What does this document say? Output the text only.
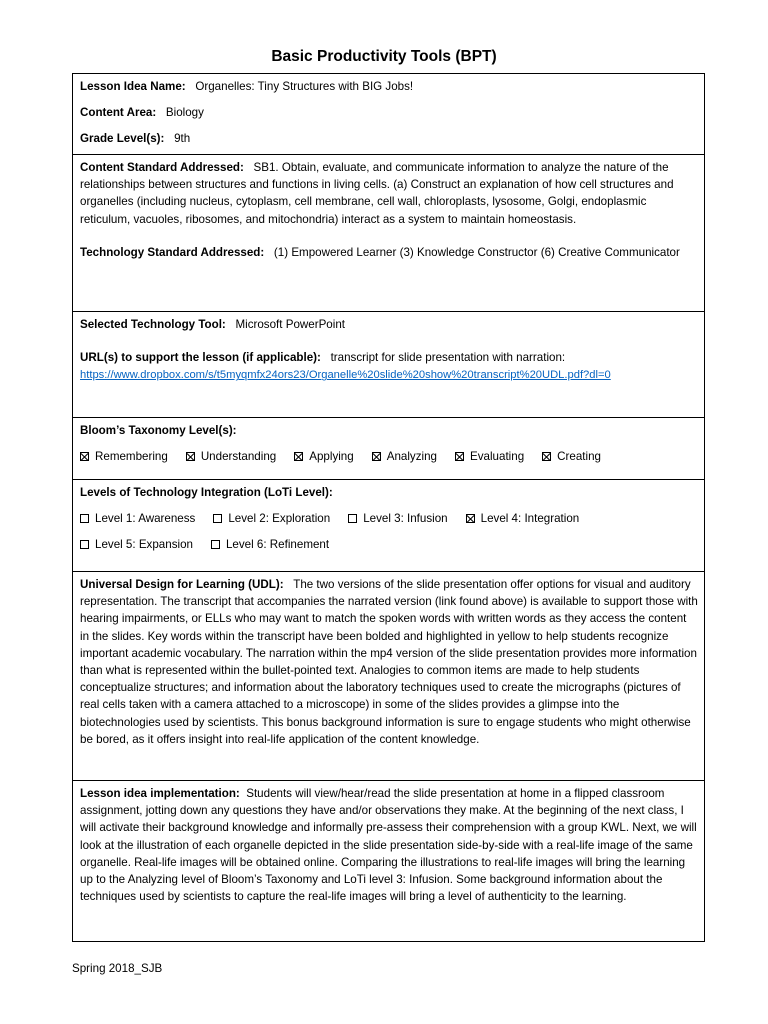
Basic Productivity Tools (BPT)

Lesson Idea Name: Organelles: Tiny Structures with BIG Jobs!

Content Area: Biology

Grade Level(s): 9th

Content Standard Addressed: SB1. Obtain, evaluate, and communicate information to analyze the nature of the relationships between structures and functions in living cells. (a) Construct an explanation of how cell structures and organelles (including nucleus, cytoplasm, cell membrane, cell wall, chloroplasts, lysosome, Golgi, endoplasmic reticulum, vacuoles, ribosomes, and mitochondria) interact as a system to maintain homeostasis.

Technology Standard Addressed: (1) Empowered Learner (3) Knowledge Constructor (6) Creative Communicator

Selected Technology Tool: Microsoft PowerPoint

URL(s) to support the lesson (if applicable): transcript for slide presentation with narration:

https://www.dropbox.com/s/t5myqmfx24ors23/Organelle%20slide%20show%20transcript%20UDL.pdf?dl=0

Bloom’s Taxonomy Level(s):

Remembering	Understanding	Applying	Analyzing	Evaluating	Creating

Levels of Technology Integration (LoTi Level):

Level 1: Awareness	Level 2: Exploration	Level 3: Infusion	Level 4: Integration
Level 5: Expansion	Level 6: Refinement

Universal Design for Learning (UDL): The two versions of the slide presentation offer options for visual and auditory representation. The transcript that accompanies the narrated version (link found above) is available to support those with hearing impairments, or ELLs who may want to match the spoken words with written words as they access the content in the slides. Key words within the transcript have been bolded and highlighted in yellow to help students recognize important academic vocabulary. The narration within the mp4 version of the slide presentation provides more information than what is represented within the bullet-pointed text. Analogies to common items are made to help students conceptualize structures; and information about the laboratory techniques used to create the micrographs (pictures of real cells taken with a camera attached to a microscope) in some of the slides provides a glimpse into the biotechnologies used by scientists. This bonus background information is sure to engage students who might otherwise be bored, as it offers insight into real-life application of the content knowledge.

Lesson idea implementation: Students will view/hear/read the slide presentation at home in a flipped classroom assignment, jotting down any questions they have and/or observations they make. At the beginning of the next class, I will activate their background knowledge and informally pre-assess their comprehension with a group KWL. Next, we will look at the illustration of each organelle depicted in the slide presentation side-by-side with a real-life image of the same organelle. Real-life images will be obtained online. Comparing the illustrations to real-life images will bring the learning up to the Analyzing level of Bloom’s Taxonomy and LoTi level 3: Infusion. Some background information about the techniques used by scientists to capture the real-life images will bring a level of authenticity to the learning.

Spring 2018_SJB
